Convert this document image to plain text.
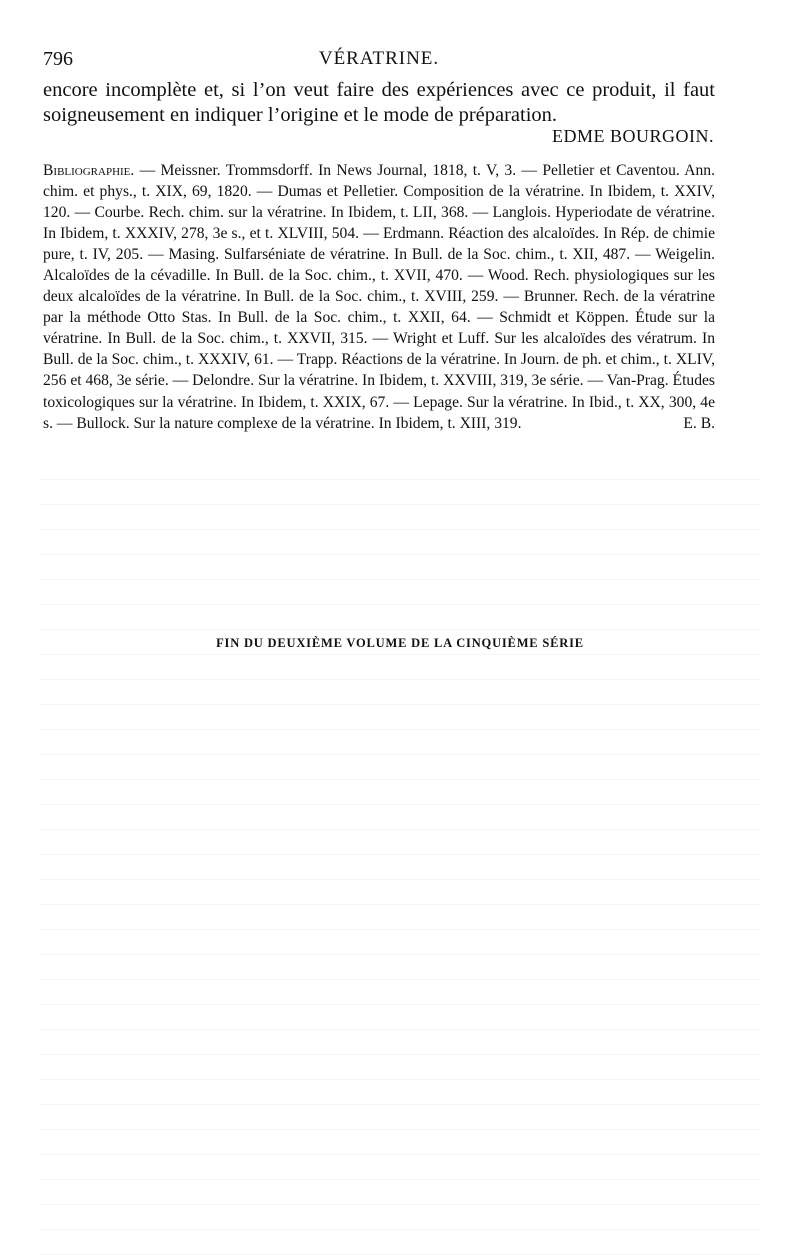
796	VÉRATRINE.
encore incomplète et, si l’on veut faire des expériences avec ce produit, il faut soigneusement en indiquer l’origine et le mode de préparation.
EDME BOURGOIN.
Bibliographie. — Meissner. Trommsdorff. In News Journal, 1818, t. V, 3. — Pelletier et Caventou. Ann. chim. et phys., t. XIX, 69, 1820. — Dumas et Pelletier. Composition de la vératrine. In Ibidem, t. XXIV, 120. — Courbe. Rech. chim. sur la vératrine. In Ibidem, t. LII, 368. — Langlois. Hyperiodate de vératrine. In Ibidem, t. XXXIV, 278, 3e s., et t. XLVIII, 504. — Erdmann. Réaction des alcaloïdes. In Rép. de chimie pure, t. IV, 205. — Masing. Sulfarséniate de vératrine. In Bull. de la Soc. chim., t. XII, 487. — Weigelin. Alcaloïdes de la cévadille. In Bull. de la Soc. chim., t. XVII, 470. — Wood. Rech. physiologiques sur les deux alcaloïdes de la vératrine. In Bull. de la Soc. chim., t. XVIII, 259. — Brunner. Rech. de la vératrine par la méthode Otto Stas. In Bull. de la Soc. chim., t. XXII, 64. — Schmidt et Köppen. Étude sur la vératrine. In Bull. de la Soc. chim., t. XXVII, 315. — Wright et Luff. Sur les alcaloïdes des vératrum. In Bull. de la Soc. chim., t. XXXIV, 61. — Trapp. Réactions de la vératrine. In Journ. de ph. et chim., t. XLIV, 256 et 468, 3e série. — Delondre. Sur la vératrine. In Ibidem, t. XXVIII, 319, 3e série. — Van-Prag. Études toxicologiques sur la vératrine. In Ibidem, t. XXIX, 67. — Lepage. Sur la vératrine. In Ibid., t. XX, 300, 4e s. — Bullock. Sur la nature complexe de la vératrine. In Ibidem, t. XIII, 319.	E. B.
FIN DU DEUXIÈME VOLUME DE LA CINQUIÈME SÉRIE
